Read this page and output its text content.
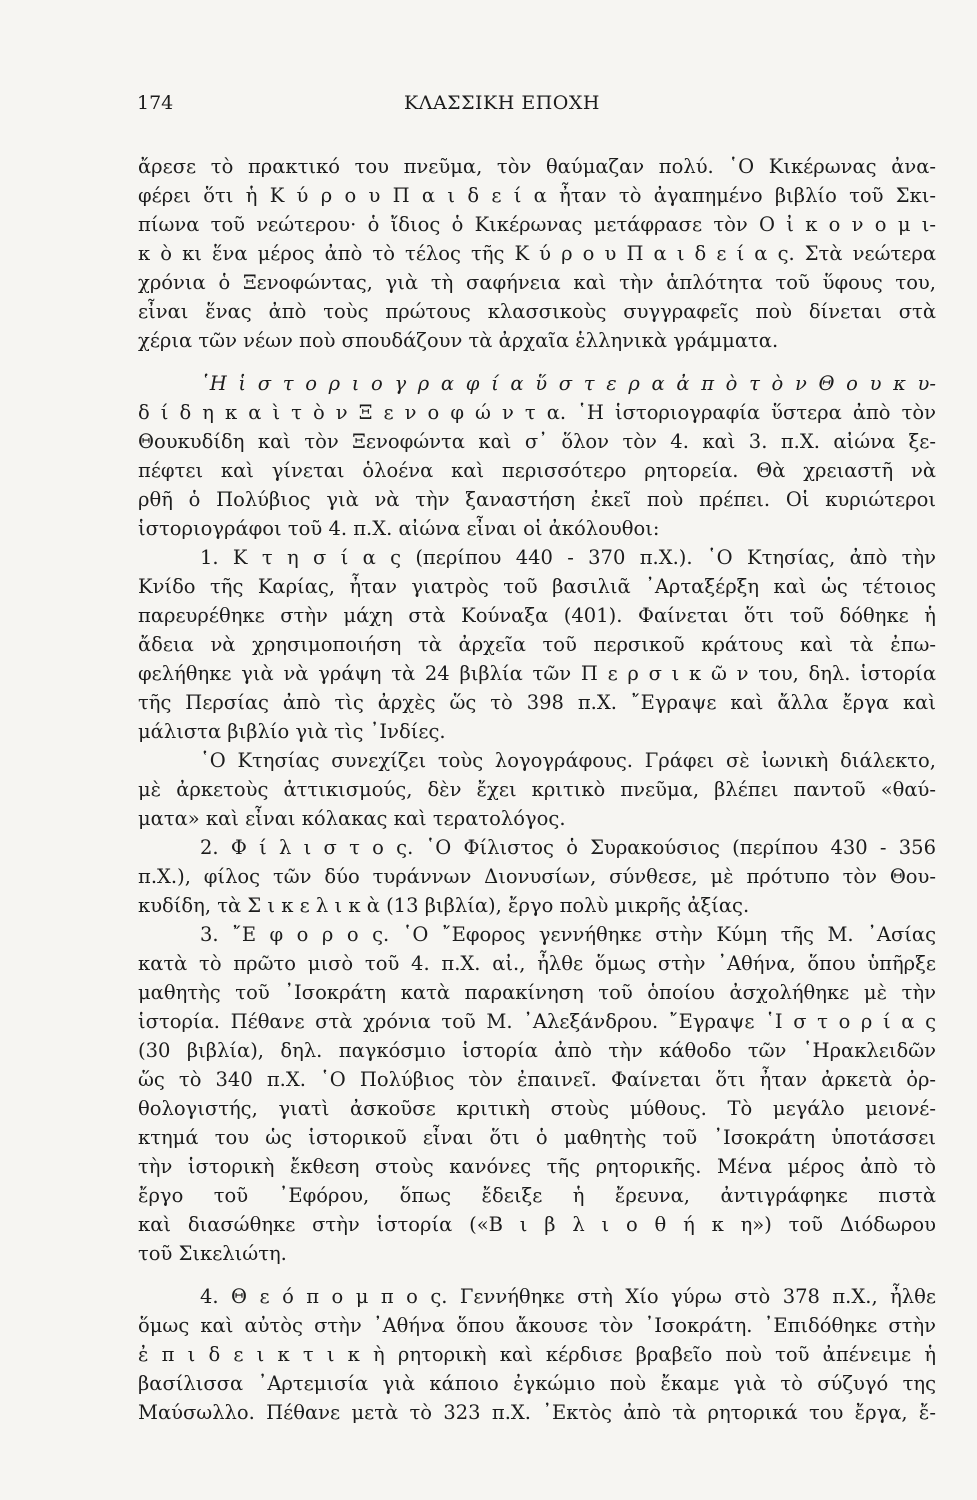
174	ΚΛΑΣΣΙΚΗ ΕΠΟΧΗ
ἄρεσε τὸ πρακτικό του πνεῦμα, τὸν θαύμαζαν πολύ. ῾Ο Κικέρωνας ἀνα-
φέρει ὅτι ἡ Κ ύ ρ ο υ Π α ι δ ε ί α ἦταν τὸ ἀγαπημένο βιβλίο τοῦ Σκι-
πίωνα τοῦ νεώτερου· ὁ ἴδιος ὁ Κικέρωνας μετάφρασε τὸν Ο ἰ κ ο ν ο μ ι-
κ ὸ κι ἕνα μέρος ἀπὸ τὸ τέλος τῆς Κ ύ ρ ο υ Π α ι δ ε ί α ς. Στὰ νεώτερα
χρόνια ὁ Ξενοφώντας, γιὰ τὴ σαφήνεια καὶ τὴν ἁπλότητα τοῦ ὕφους του,
εἶναι ἕνας ἀπὸ τοὺς πρώτους κλασσικοὺς συγγραφεῖς ποὺ δίνεται στὰ
χέρια τῶν νέων ποὺ σπουδάζουν τὰ ἀρχαῖα ἑλληνικὰ γράμματα.
῾Η ἱ σ τ ο ρ ι ο γ ρ α φ ί α ὕ σ τ ε ρ α ἀ π ὸ τ ὸ ν Θ ο υ κ υ-
δ ί δ η κ α ὶ τ ὸ ν Ξ ε ν ο φ ώ ν τ α. ῾Η ἱστοριογραφία ὕστερα ἀπὸ τὸν
Θουκυδίδη καὶ τὸν Ξενοφώντα καὶ σ᾽ ὅλον τὸν 4. καὶ 3. π.Χ. αἰώνα ξε-
πέφτει καὶ γίνεται ὁλοένα καὶ περισσότερο ρητορεία. Θὰ χρειαστῆ νὰ
ρθῆ ὁ Πολύβιος γιὰ νὰ τὴν ξαναστήση ἐκεῖ ποὺ πρέπει. Οἱ κυριώτεροι
ἱστοριογράφοι τοῦ 4. π.Χ. αἰώνα εἶναι οἱ ἀκόλουθοι:
1. Κ τ η σ ί α ς (περίπου 440 - 370 π.Χ.). ῾Ο Κτησίας, ἀπὸ τὴν
Κνίδο τῆς Καρίας, ἦταν γιατρὸς τοῦ βασιλιᾶ ᾿Αρταξέρξη καὶ ὡς τέτοιος
παρευρέθηκε στὴν μάχη στὰ Κούναξα (401). Φαίνεται ὅτι τοῦ δόθηκε ἡ
ἄδεια νὰ χρησιμοποιήση τὰ ἀρχεῖα τοῦ περσικοῦ κράτους καὶ τὰ ἐπω-
φελήθηκε γιὰ νὰ γράψη τὰ 24 βιβλία τῶν Π ε ρ σ ι κ ῶ ν του, δηλ. ἱστορία
τῆς Περσίας ἀπὸ τὶς ἀρχὲς ὥς τὸ 398 π.Χ. ῎Εγραψε καὶ ἄλλα ἔργα καὶ
μάλιστα βιβλίο γιὰ τὶς ᾿Ινδίες.
῾Ο Κτησίας συνεχίζει τοὺς λογογράφους. Γράφει σὲ ἰωνικὴ διάλεκτο,
μὲ ἀρκετοὺς ἀττικισμούς, δὲν ἔχει κριτικὸ πνεῦμα, βλέπει παντοῦ «θαύ-
ματα» καὶ εἶναι κόλακας καὶ τερατολόγος.
2. Φ ί λ ι σ τ ο ς. ῾Ο Φίλιστος ὁ Συρακούσιος (περίπου 430 - 356
π.Χ.), φίλος τῶν δύο τυράννων Διονυσίων, σύνθεσε, μὲ πρότυπο τὸν Θου-
κυδίδη, τὰ Σ ι κ ε λ ι κ ὰ (13 βιβλία), ἔργο πολὺ μικρῆς ἀξίας.
3. ῎Ε φ ο ρ ο ς. ῾Ο ῎Εφορος γεννήθηκε στὴν Κύμη τῆς Μ. ᾿Ασίας
κατὰ τὸ πρῶτο μισὸ τοῦ 4. π.Χ. αἰ., ἦλθε ὅμως στὴν ᾿Αθήνα, ὅπου ὑπῆρξε
μαθητὴς τοῦ ᾿Ισοκράτη κατὰ παρακίνηση τοῦ ὁποίου ἀσχολήθηκε μὲ τὴν
ἱστορία. Πέθανε στὰ χρόνια τοῦ Μ. ᾿Αλεξάνδρου. ῎Εγραψε ῾Ι σ τ ο ρ ί α ς
(30 βιβλία), δηλ. παγκόσμιο ἱστορία ἀπὸ τὴν κάθοδο τῶν ῾Ηρακλειδῶν
ὥς τὸ 340 π.Χ. ῾Ο Πολύβιος τὸν ἐπαινεῖ. Φαίνεται ὅτι ἦταν ἀρκετὰ ὀρ-
θολογιστής, γιατὶ ἀσκοῦσε κριτικὴ στοὺς μύθους. Τὸ μεγάλο μειονέ-
κτημά του ὡς ἱστορικοῦ εἶναι ὅτι ὁ μαθητὴς τοῦ ᾿Ισοκράτη ὑποτάσσει
τὴν ἱστορικὴ ἔκθεση στοὺς κανόνες τῆς ρητορικῆς. Μένα μέρος ἀπὸ τὸ
ἔργο τοῦ ᾿Εφόρου, ὅπως ἔδειξε ἡ ἔρευνα, ἀντιγράφηκε πιστὰ
καὶ διασώθηκε στὴν ἱστορία («Β ι β λ ι ο θ ή κ η») τοῦ Διόδωρου
τοῦ Σικελιώτη.
4. Θ ε ό π ο μ π ο ς. Γεννήθηκε στὴ Χίο γύρω στὸ 378 π.Χ., ἦλθε
ὅμως καὶ αὐτὸς στὴν ᾿Αθήνα ὅπου ἄκουσε τὸν ᾿Ισοκράτη. ᾿Επιδόθηκε στὴν
ἐ π ι δ ε ι κ τ ι κ ὴ ρητορικὴ καὶ κέρδισε βραβεῖο ποὺ τοῦ ἀπένειμε ἡ
βασίλισσα ᾿Αρτεμισία γιὰ κάποιο ἐγκώμιο ποὺ ἔκαμε γιὰ τὸ σύζυγό της
Μαύσωλλο. Πέθανε μετὰ τὸ 323 π.Χ. ᾿Εκτὸς ἀπὸ τὰ ρητορικά του ἔργα, ἔ-
